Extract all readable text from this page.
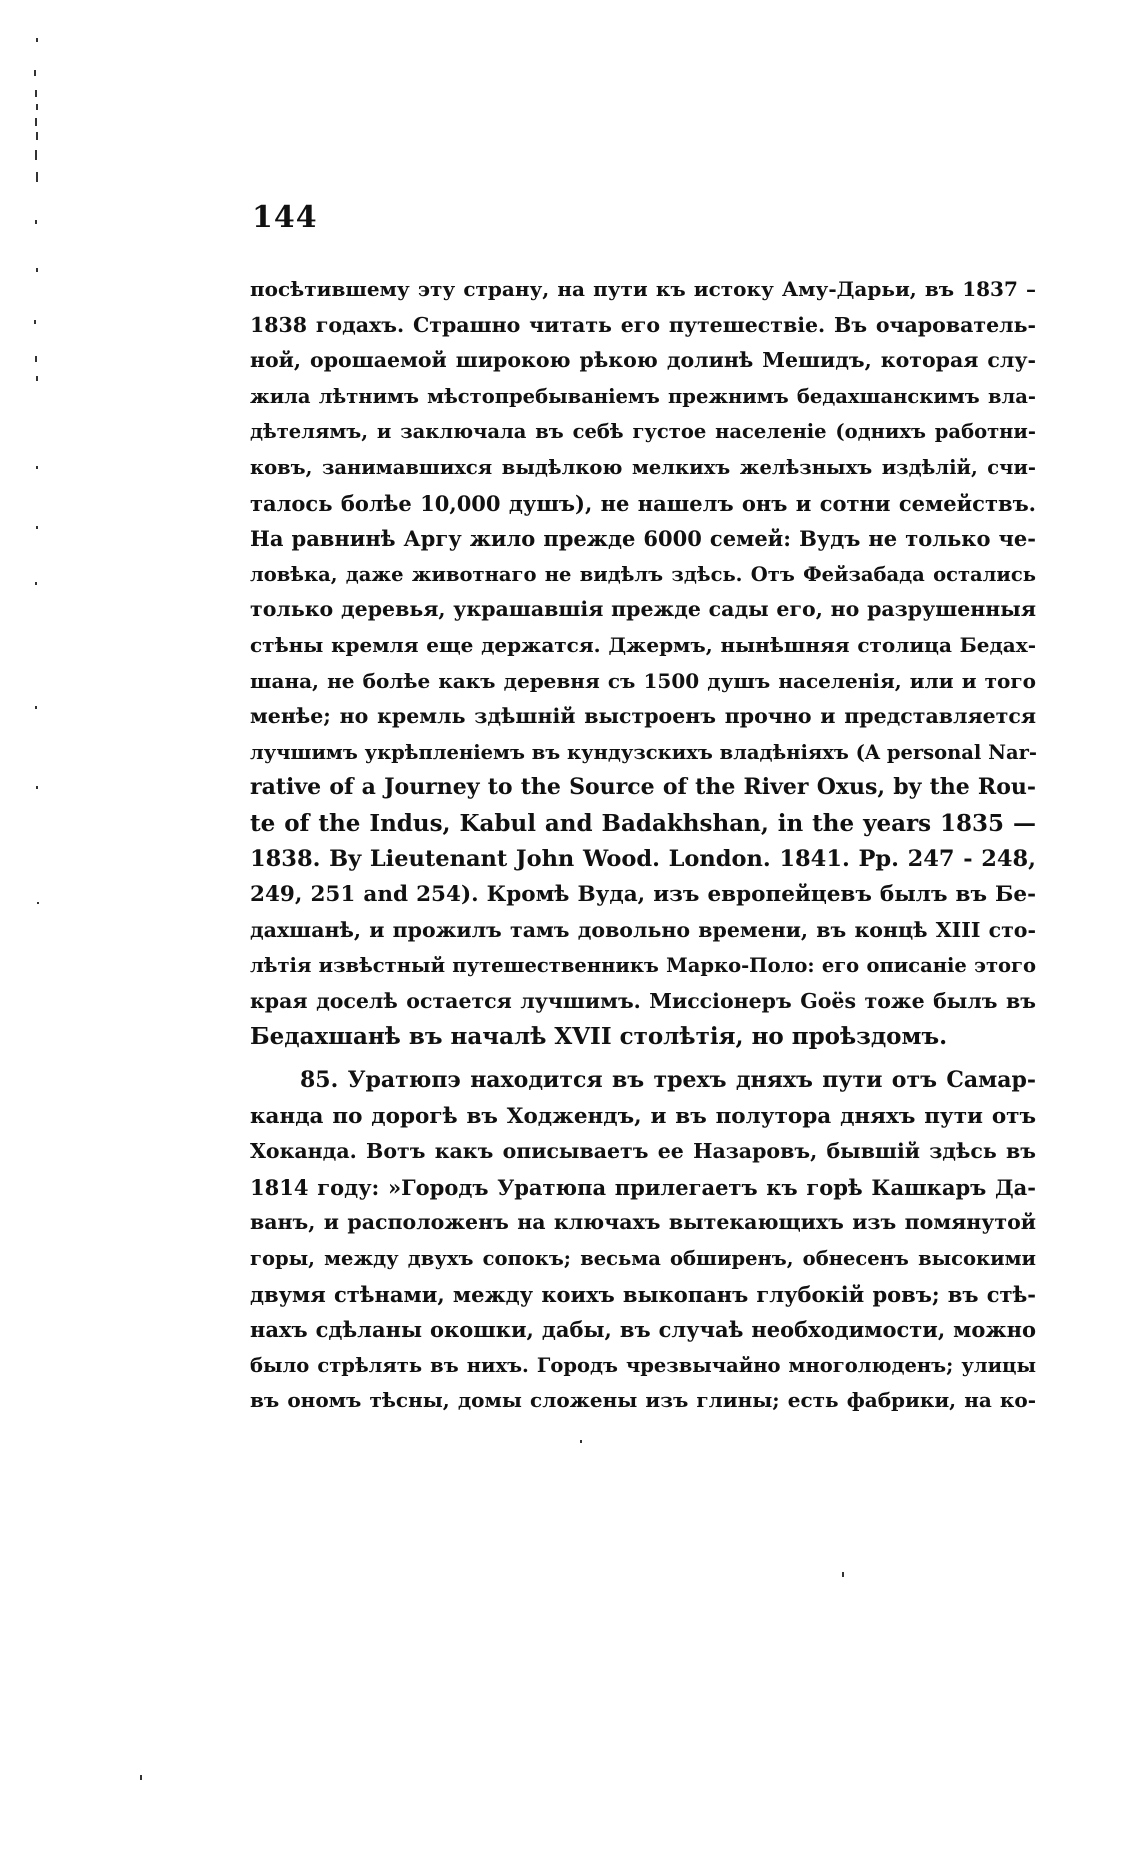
144
посѣтившему эту страну, на пути къ истоку Аму-Дарьи, въ 1837 –
1838 годахъ. Страшно читать его путешествіе. Въ очарователь-
ной, орошаемой широкою рѣкою долинѣ Мешидъ, которая слу-
жила лѣтнимъ мѣстопребываніемъ прежнимъ бедахшанскимъ вла-
дѣтелямъ, и заключала въ себѣ густое населеніе (однихъ работни-
ковъ, занимавшихся выдѣлкою мелкихъ желѣзныхъ издѣлій, счи-
талось болѣе 10,000 душъ), не нашелъ онъ и сотни семействъ.
На равнинѣ Аргу жило прежде 6000 семей: Вудъ не только че-
ловѣка, даже животнаго не видѣлъ здѣсь. Отъ Фейзабада остались
только деревья, украшавшія прежде сады его, но разрушенныя
стѣны кремля еще держатся. Джермъ, нынѣшняя столица Бедах-
шана, не болѣе какъ деревня съ 1500 душъ населенія, или и того
менѣе; но кремль здѣшній выстроенъ прочно и представляется
лучшимъ укрѣпленіемъ въ кундузскихъ владѣніяхъ (A personal Nar-
rative of a Journey to the Source of the River Oxus, by the Rou-
te of the Indus, Kabul and Badakhshan, in the years 1835 —
1838. By Lieutenant John Wood. London. 1841. Pp. 247 - 248,
249, 251 and 254). Кромѣ Вуда, изъ европейцевъ былъ въ Бе-
дахшанѣ, и прожилъ тамъ довольно времени, въ концѣ XIII сто-
лѣтія извѣстный путешественникъ Марко-Поло: его описаніе этого
края доселѣ остается лучшимъ. Миссіонеръ Goës тоже былъ въ
Бедахшанѣ въ началѣ XVII столѣтія, но проѣздомъ.
85. Уратюпэ находится въ трехъ дняхъ пути отъ Самар-
канда по дорогѣ въ Ходжендъ, и въ полутора дняхъ пути отъ
Хоканда. Вотъ какъ описываетъ ее Назаровъ, бывшій здѣсь въ
1814 году: »Городъ Уратюпа прилегаетъ къ горѣ Кашкаръ Да-
ванъ, и расположенъ на ключахъ вытекающихъ изъ помянутой
горы, между двухъ сопокъ; весьма обширенъ, обнесенъ высокими
двумя стѣнами, между коихъ выкопанъ глубокій ровъ; въ стѣ-
нахъ сдѣланы окошки, дабы, въ случаѣ необходимости, можно
было стрѣлять въ нихъ. Городъ чрезвычайно многолюденъ; улицы
въ ономъ тѣсны, домы сложены изъ глины; есть фабрики, на ко-
